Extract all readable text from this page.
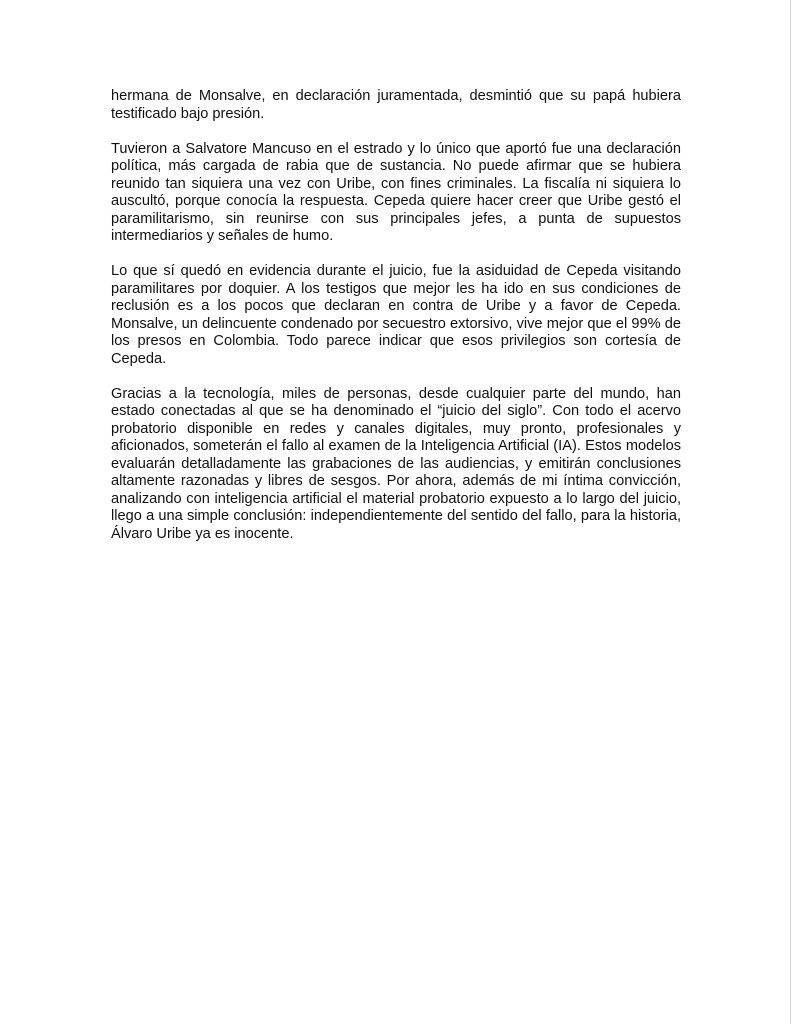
hermana de Monsalve, en declaración juramentada, desmintió que su papá hubiera testificado bajo presión.

Tuvieron a Salvatore Mancuso en el estrado y lo único que aportó fue una declaración política, más cargada de rabia que de sustancia. No puede afirmar que se hubiera reunido tan siquiera una vez con Uribe, con fines criminales. La fiscalía ni siquiera lo auscultó, porque conocía la respuesta. Cepeda quiere hacer creer que Uribe gestó el paramilitarismo, sin reunirse con sus principales jefes, a punta de supuestos intermediarios y señales de humo.

Lo que sí quedó en evidencia durante el juicio, fue la asiduidad de Cepeda visitando paramilitares por doquier. A los testigos que mejor les ha ido en sus condiciones de reclusión es a los pocos que declaran en contra de Uribe y a favor de Cepeda. Monsalve, un delincuente condenado por secuestro extorsivo, vive mejor que el 99% de los presos en Colombia. Todo parece indicar que esos privilegios son cortesía de Cepeda.

Gracias a la tecnología, miles de personas, desde cualquier parte del mundo, han estado conectadas al que se ha denominado el “juicio del siglo”. Con todo el acervo probatorio disponible en redes y canales digitales, muy pronto, profesionales y aficionados, someterán el fallo al examen de la Inteligencia Artificial (IA). Estos modelos evaluarán detalladamente las grabaciones de las audiencias, y emitirán conclusiones altamente razonadas y libres de sesgos. Por ahora, además de mi íntima convicción, analizando con inteligencia artificial el material probatorio expuesto a lo largo del juicio, llego a una simple conclusión: independientemente del sentido del fallo, para la historia, Álvaro Uribe ya es inocente.
